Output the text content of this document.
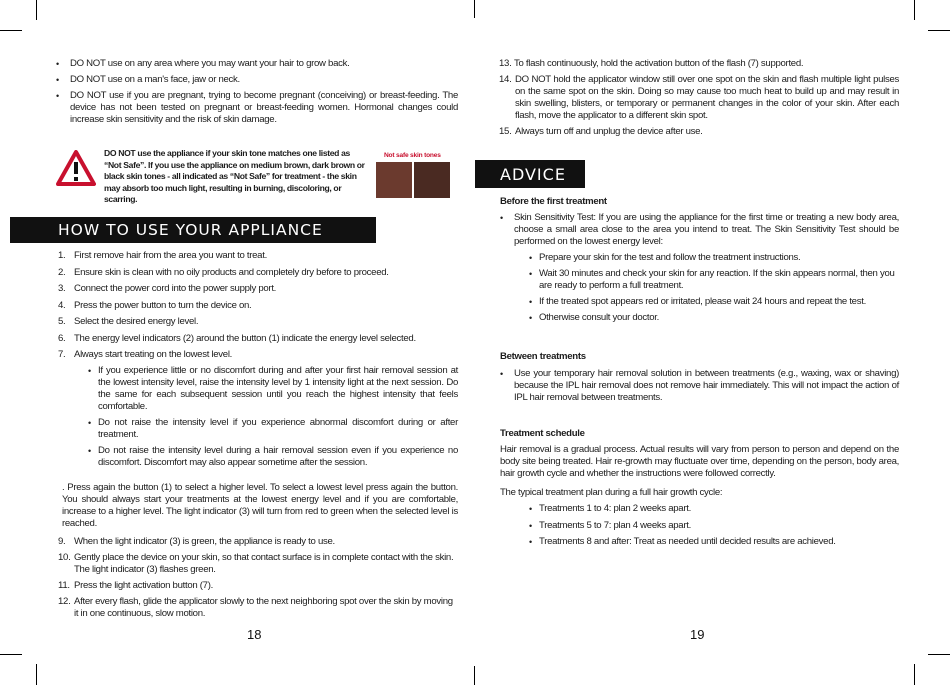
• DO NOT use on any area where you may want your hair to grow back.
• DO NOT use on a man's face, jaw or neck.
• DO NOT use if you are pregnant, trying to become pregnant (conceiving) or breast-feeding. The device has not been tested on pregnant or breast-feeding women. Hormonal changes could increase skin sensitivity and the risk of skin damage.
DO NOT use the appliance if your skin tone matches one listed as “Not Safe”. If you use the appliance on medium brown, dark brown or black skin tones - all indicated as “Not Safe” for treatment - the skin may absorb too much light, resulting in burning, discoloring, or scarring.
Not safe skin tones
HOW TO USE YOUR APPLIANCE
1. First remove hair from the area you want to treat.
2. Ensure skin is clean with no oily products and completely dry before to proceed.
3. Connect the power cord into the power supply port.
4. Press the power button to turn the device on.
5. Select the desired energy level.
6. The energy level indicators (2) around the button (1) indicate the energy level selected.
7. Always start treating on the lowest level.
• If you experience little or no discomfort during and after your first hair removal session at the lowest intensity level, raise the intensity level by 1 intensity light at the next session. Do the same for each subsequent session until you reach the highest intensity that feels comfortable.
• Do not raise the intensity level if you experience abnormal discomfort during or after treatment.
• Do not raise the intensity level during a hair removal session even if you experience no discomfort. Discomfort may also appear sometime after the session.
. Press again the button (1) to select a higher level. To select a lowest level press again the button. You should always start your treatments at the lowest energy level and if you are comfortable, increase to a higher level. The light indicator (3) will turn from red to green when the selected level is reached.
9. When the light indicator (3) is green, the appliance is ready to use.
10. Gently place the device on your skin, so that contact surface is in complete contact with the skin. The light indicator (3) flashes green.
11. Press the light activation button (7).
12. After every flash, glide the applicator slowly to the next neighboring spot over the skin by moving it in one continuous, slow motion.
18
13. To flash continuously, hold the activation button of the flash (7) supported.
14. DO NOT hold the applicator window still over one spot on the skin and flash multiple light pulses on the same spot on the skin. Doing so may cause too much heat to build up and may result in skin swelling, blisters, or temporary or permanent changes in the color of your skin. After each flash, move the applicator to a different skin spot.
15. Always turn off and unplug the device after use.
ADVICE
Before the first treatment
• Skin Sensitivity Test: If you are using the appliance for the first time or treating a new body area, choose a small area close to the area you intend to treat. The Skin Sensitivity Test should be performed on the lowest energy level:
• Prepare your skin for the test and follow the treatment instructions.
• Wait 30 minutes and check your skin for any reaction. If the skin appears normal, then you are ready to perform a full treatment.
• If the treated spot appears red or irritated, please wait 24 hours and repeat the test.
• Otherwise consult your doctor.
Between treatments
• Use your temporary hair removal solution in between treatments (e.g., waxing, wax or shaving) because the IPL hair removal does not remove hair immediately. This will not impact the action of IPL hair removal between treatments.
Treatment schedule
Hair removal is a gradual process. Actual results will vary from person to person and depend on the body site being treated. Hair re-growth may fluctuate over time, depending on the person, body area, hair growth cycle and whether the instructions were followed correctly.
The typical treatment plan during a full hair growth cycle:
• Treatments 1 to 4: plan 2 weeks apart.
• Treatments 5 to 7: plan 4 weeks apart.
• Treatments 8 and after: Treat as needed until decided results are achieved.
19
